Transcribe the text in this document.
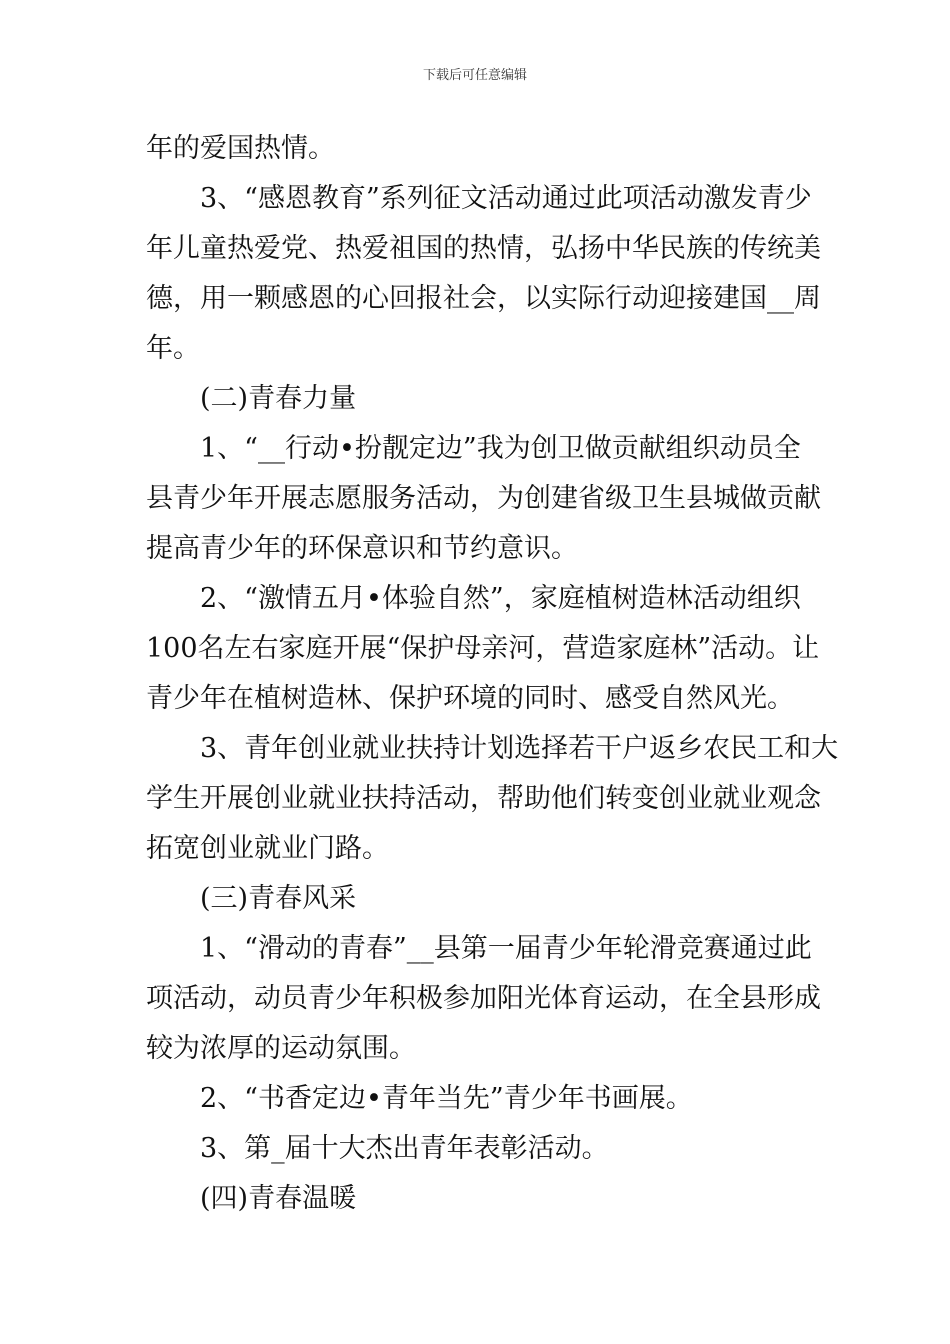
下载后可任意编辑
年的爱国热情。
3、“感恩教育”系列征文活动通过此项活动激发青少
年儿童热爱党、热爱祖国的热情，弘扬中华民族的传统美
德，用一颗感恩的心回报社会，以实际行动迎接建国__周
年。
(二)青春力量
1、“__行动•扮靓定边”我为创卫做贡献组织动员全
县青少年开展志愿服务活动，为创建省级卫生县城做贡献
提高青少年的环保意识和节约意识。
2、“激情五月•体验自然”，家庭植树造林活动组织
100名左右家庭开展“保护母亲河，营造家庭林”活动。让
青少年在植树造林、保护环境的同时、感受自然风光。
3、青年创业就业扶持计划选择若干户返乡农民工和大
学生开展创业就业扶持活动，帮助他们转变创业就业观念
拓宽创业就业门路。
(三)青春风采
1、“滑动的青春”__县第一届青少年轮滑竞赛通过此
项活动，动员青少年积极参加阳光体育运动，在全县形成
较为浓厚的运动氛围。
2、“书香定边•青年当先”青少年书画展。
3、第_届十大杰出青年表彰活动。
(四)青春温暖
